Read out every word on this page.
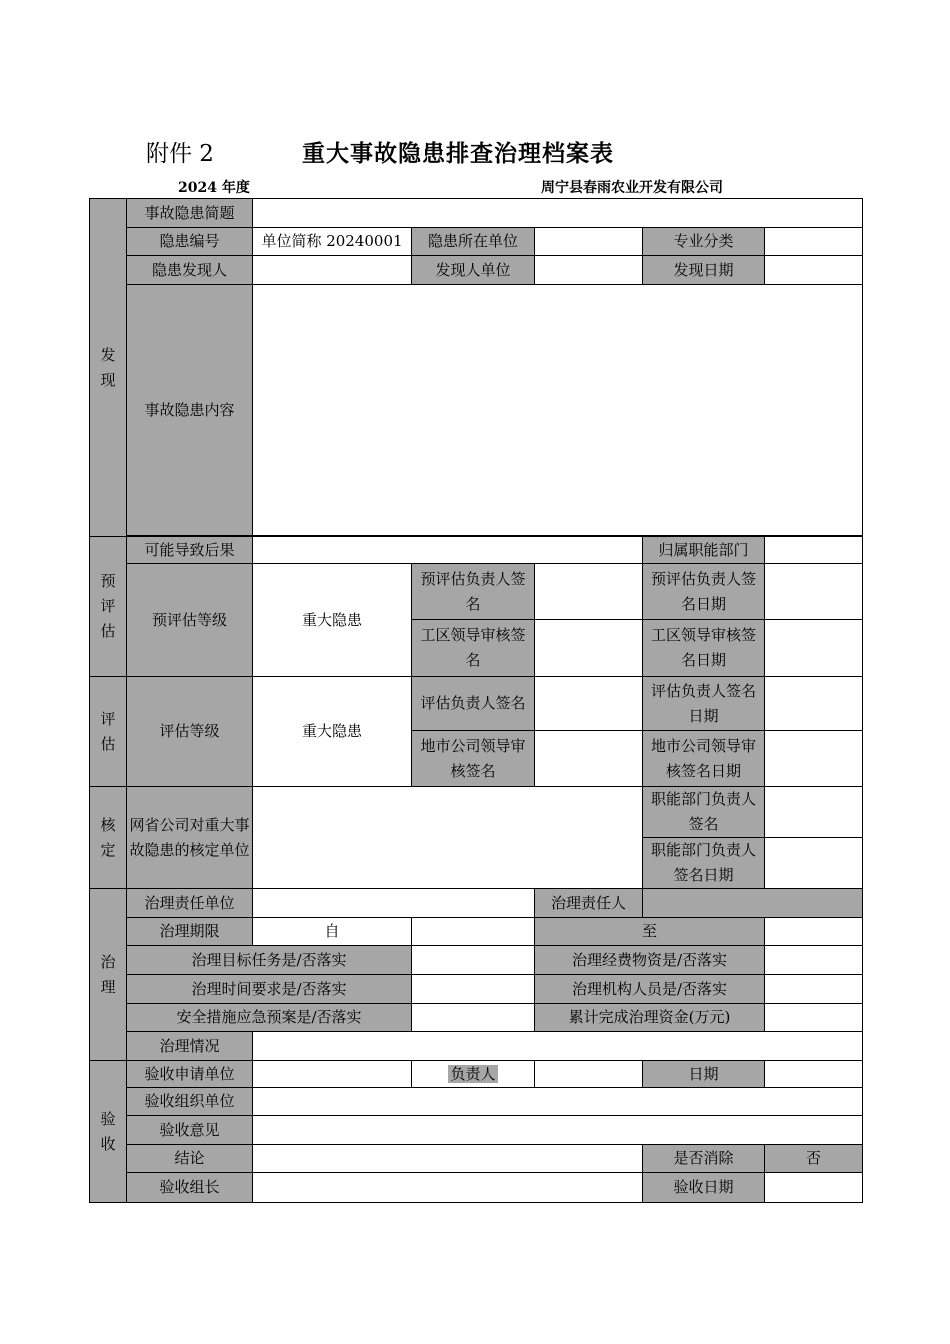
附件 2	重大事故隐患排查治理档案表
2024 年度	周宁县春雨农业开发有限公司
发
现	事故隐患简题					
	隐患编号	单位简称 20240001	隐患所在单位		专业分类	
	隐患发现人		发现人单位		发现日期	
	事故隐患内容					

预
评
估	可能导致后果				归属职能部门	
	预评估等级	重大隐患	预评估负责人签名		预评估负责人签名日期	
			工区领导审核签名		工区领导审核签名日期	

评
估	评估等级	重大隐患	评估负责人签名		评估负责人签名日期	
			地市公司领导审核签名		地市公司领导审核签名日期	

核
定	网省公司对重大事故隐患的核定单位				职能部门负责人签名	
					职能部门负责人签名日期	

治
理	治理责任单位			治理责任人		
	治理期限	自		至		
	治理目标任务是/否落实			治理经费物资是/否落实		
	治理时间要求是/否落实			治理机构人员是/否落实		
	安全措施应急预案是/否落实			累计完成治理资金(万元)		
	治理情况					

验
收	验收申请单位		负责人		日期	
	验收组织单位					
	验收意见					
	结论				是否消除	否
	验收组长				验收日期	
